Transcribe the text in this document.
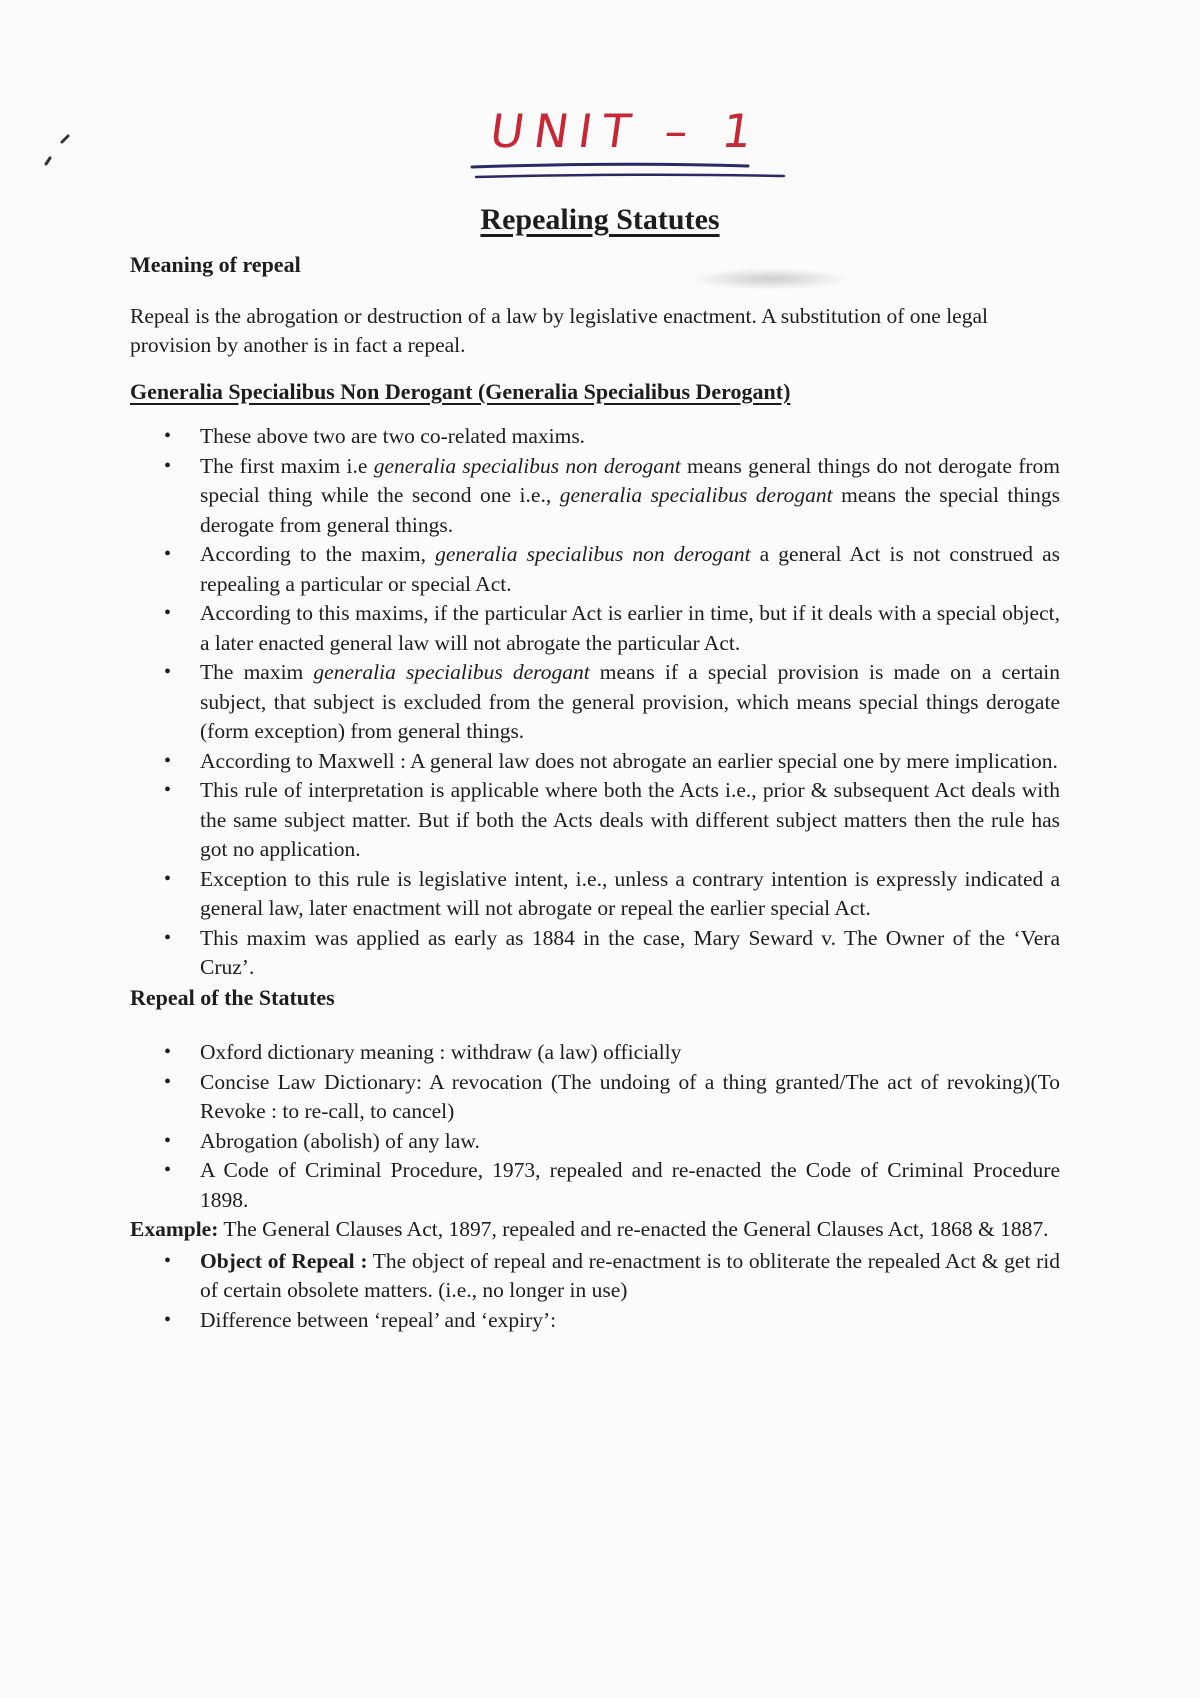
UNIT – 1
Repealing Statutes
Meaning of repeal

Repeal is the abrogation or destruction of a law by legislative enactment. A substitution of one legal provision by another is in fact a repeal.

Generalia Specialibus Non Derogant (Generalia Specialibus Derogant)
• These above two are two co-related maxims.
• The first maxim i.e generalia specialibus non derogant means general things do not derogate from special thing while the second one i.e., generalia specialibus derogant means the special things derogate from general things.
• According to the maxim, generalia specialibus non derogant a general Act is not construed as repealing a particular or special Act.
• According to this maxims, if the particular Act is earlier in time, but if it deals with a special object, a later enacted general law will not abrogate the particular Act.
• The maxim generalia specialibus derogant means if a special provision is made on a certain subject, that subject is excluded from the general provision, which means special things derogate (form exception) from general things.
• According to Maxwell : A general law does not abrogate an earlier special one by mere implication.
• This rule of interpretation is applicable where both the Acts i.e., prior & subsequent Act deals with the same subject matter. But if both the Acts deals with different subject matters then the rule has got no application.
• Exception to this rule is legislative intent, i.e., unless a contrary intention is expressly indicated a general law, later enactment will not abrogate or repeal the earlier special Act.
• This maxim was applied as early as 1884 in the case, Mary Seward v. The Owner of the ‘Vera Cruz’.
Repeal of the Statutes
• Oxford dictionary meaning : withdraw (a law) officially
• Concise Law Dictionary: A revocation (The undoing of a thing granted/The act of revoking)(To Revoke : to re-call, to cancel)
• Abrogation (abolish) of any law.
• A Code of Criminal Procedure, 1973, repealed and re-enacted the Code of Criminal Procedure 1898.

Example: The General Clauses Act, 1897, repealed and re-enacted the General Clauses Act, 1868 & 1887.

• Object of Repeal : The object of repeal and re-enactment is to obliterate the repealed Act & get rid of certain obsolete matters. (i.e., no longer in use)
• Difference between ‘repeal’ and ‘expiry’:
